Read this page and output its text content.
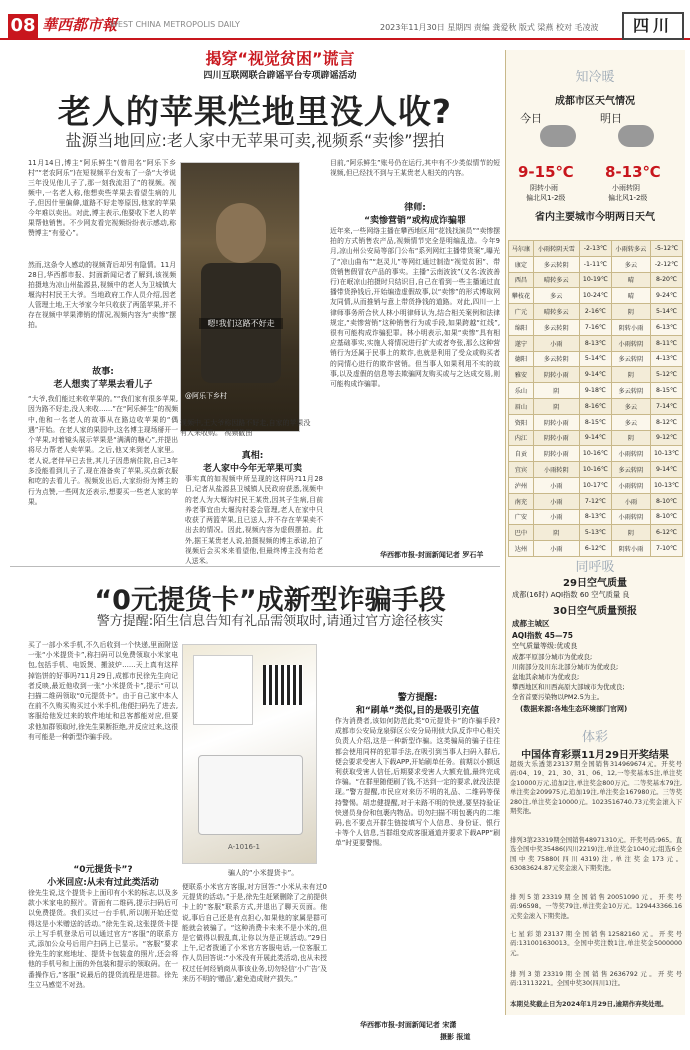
08 華西都市報
WEST CHINA METROPOLIS DAILY	2023年11月30日 星期四 责编 龚爱秋 版式 梁燕 校对 毛凌波	四川
揭穿“视觉贫困”谎言
四川互联网联合辟谣平台专项辟谣活动
老人的苹果烂地里没人收?
盐源当地回应:老人家中无苹果可卖,视频系“卖惨”摆拍
11月14日,博主“阿乐鲜生”(曾用名“阿乐下乡村”“老农阿乐”)在短视频平台发布了一条“大爷说三年没见他儿子了,那一刻我流泪了”的视频。视频中,一名老人称,他想卖些苹果去看望生病的儿子,但因什里偏僻,道路不好走等原因,他家的苹果今年难以卖出。对此,博主表示,他要收下老人的苹果帮他销售。不少网友看完视频纷纷表示感动,称赞博主“有爱心”。
然而,这条令人感动的视频背后却另有隐情。11月28日,华西都市报、封面新闻记者了解到,该视频拍摄地为凉山州盐源县,视频中的老人为卫城镇大堰沟村村民王大爷。当地政府工作人员介绍,因老人管理土地,王大爷家今年只收获了两篮苹果,并不存在视频中苹果滞销的情况,视频内容为“卖惨”摆拍。	嗯!我们这路不好走
@阿乐下乡村
视频中,王大爷称因路不好走,自家的苹果没有人来收购。 视频截图
故事:
老人想卖了苹果去看儿子
“大爷,我们能过来收苹果的。”“我们家有很多苹果,因为路不好走,没人来收……”在“阿乐鲜生”的视频中,他和一名老人的故事从在路边收苹果的“偶遇”开始。在老人家的果园中,这名博主现场掰开一个苹果,对着镜头展示苹果是“满满的糖心”,并提出将尽力帮老人卖苹果。之后,他又来到老人家里。老人说,老伴早已去世,其儿子因患病住院,自己3年多没能看到儿子了,现在准备卖了苹果,买点新衣服和吃的去看儿子。视频发出后,大家纷纷为博主的行为点赞,一些网友还表示,想要买一些老人家的苹果。
真相:
老人家中今年无苹果可卖
事实真的如视频中所呈现的这样吗?11月28日,记者从盐源县卫城镇人民政府获悉,视频中的老人为大堰沟村民王某贵,因其子生病,目前养老事宜由大堰沟村委会管理,老人在家中只收获了两篮苹果,且已送人,并不存在苹果卖不出去的情况。因此,视频内容为虚假摆拍。此外,据王某贵老人说,拍摄视频的博主承诺,拍了视频后会买米来看望他,但最终博主没有给老人送米。
目前,“阿乐鲜生”账号仍在运行,其中有不少类似情节的短视频,但已经找不到与王某贵老人相关的内容。
律师:
“卖惨营销”或构成诈骗罪
近年来,一些网络主播在攀西地区用“花钱找演员”“卖惨摆拍的方式销售农产品,视频情节完全是明编乱造。今年9月,凉山州公安局等部门公布“系列网红主播带货案”,曝光了“凉山曲布”“赵灵儿”等网红通过制造“视觉贫困”、带货销售假冒农产品的事实。主播“云南波波”(又名:波波善行)在岷凉山拍摄时只结识目,自己在看到一些主播通过直播带货挣钱后,开始编造虚假故事,以“卖惨”的形式博取网友同情,从而推销与意上带货挣钱的道路。对此,四川一上律师事务所合伙人林小明律师认为,结合相关案例和法律规定,“卖惨营销”这种销售行为或手段,如果跨越“红线”,很有可能构成诈骗犯罪。林小明表示,如果“卖惨”具有相应基础事实,实施人将情况进行扩大或者夸张,那么这种营销行为还属于民事上的欺诈,也就是利用了受众或购买者的同情心进行的欺诈营销。但当事人如果利用不实的故事,以及虚假的信息等去欺骗网友购买或与之达成交易,则可能构成诈骗罪。
华西都市报-封面新闻记者 罗石羊
“0元提货卡”成新型诈骗手段
警方提醒:陌生信息告知有礼品需领取时,请通过官方途径核实
买了一部小米手机,不久后收到一个快递,里面附送一张“小米提货卡”,称扫码可以免费领取小米家电包,包括手机、电饭煲、搬波炉……天上真有这样掉馅饼的好事吗?11月29日,成都市民徐先生向记者反映,最近他收到一张“小米提货卡”,提示“可以扫描二维码领取“0元提货卡”。由于自己家中本人在前不久购买购买过小米手机,他便扫码先了进去,客服给他发过来的软件地址和总客都能对应,但要求他加群领取时,徐先生果断拒绝,并反应过来,这很有可能是一种新型诈骗手段。
“0元提货卡”?
小米回应:从未有过此类活动
徐先生说,这个提货卡上面印有小米的标志,以及多款小米家电的照片。背面有二维码,提示扫码后可以免费提货。我们买过一台手机,所以刚开始还觉得这是小米赠送的活动。”徐先生说,这张提货卡提示上写手机登录后可以通过官方“客服”的联系方式,添加公众号后用户扫码上已显示。“客服”要求徐先生的家庭地址、提货卡包装盒的照片,还会将他的手机号和上面的外包装和提示的领取码。在一番操作后,“客服”说最后的提货流程是进群。徐先生立马感觉不对劲。
A-1016-1
骗人的“小米提货卡”。
便联系小米官方客服,对方回答:“小米从未有过0元提货的活动。”于是,徐先生赶紧删除了之前提供卡上的“客服”联系方式,并退出了聊天页面。他说,事后自己还是有点担心,如果他的家属是群可能就会被骗了。“这种消费卡未来不是小米的,但是它做得以假乱真,让你以为是正规活动。”29日上午,记者拨通了小米官方客服电话,一位客服工作人员回答说:“小米没有开展此类活动,也从未授权过任何经销商从事该业务,切勿轻信‘小广告’及来历不明的‘赠品’,避免造成财产损失。”
警方提醒:
和“刷单”类似,目的是吸引充值
作为消费者,该如何防范此类“0元提货卡”的诈骗手段?成都市公安局龙泉驿区公安分局刑侦大队反诈中心相关负责人介绍,这是一种新型诈骗。这类骗局的骗子往往都会使用同样的犯罪手法,在吸引到当事人扫码入群后,便会要求受害人下载APP,开始刷单任务。前期以小额返利获取受害人信任,后期要求受害人大额充值,最终完成诈骗。“在群里随便刷了钱,不达到一定的要求,就没法提现。”警方提醒,市民应对来历不明的礼品、二维码等保持警惕。胡忠健提醒,对于未路不明的快递,要坚持验证快递员身份和包裹内物品。切勿扫描不明包裹内的二维码,也不要点开群生链接填写个人信息、身份证、银行卡等个人信息,当群组变成客服通道并要求下载APP“刷单”时更要警惕。
华西都市报-封面新闻记者 宋潇
摄影 报道
知冷暖
成都市区天气情况
今日
9-15℃
阴转小雨
偏北风1-2级
明日
8-13℃
小雨转阴
偏北风1-2级
省内主要城市今明两日天气
马尔康	小雨转阴天雪	-2-13℃	小雨转多云	-5-12℃
康定	多云转阴	-1-11℃	多云	-2-12℃
西昌	晴转多云	10-19℃	晴	8-20℃
攀枝花	多云	10-24℃	晴	9-24℃
广元	晴转多云	2-16℃	阴	5-14℃
绵阳	多云转阴	7-16℃	阴转小雨	6-13℃
遂宁	小雨	8-13℃	小雨转阴	8-11℃
德阳	多云转阴	5-14℃	多云转阴	4-13℃
雅安	阴转小雨	9-14℃	阴	5-12℃
乐山	阴	9-18℃	多云转阴	8-15℃
眉山	阴	8-16℃	多云	7-14℃
资阳	阴转小雨	8-15℃	多云	8-12℃
内江	阴转小雨	9-14℃	阴	9-12℃
自贡	阴转小雨	10-16℃	小雨转阴	10-13℃
宜宾	小雨转阴	10-16℃	多云转阴	9-14℃
泸州	小雨	10-17℃	小雨转阴	10-13℃
南充	小雨	7-12℃	小雨	8-10℃
广安	小雨	8-13℃	小雨转阴	8-10℃
巴中	阴	5-13℃	阴	6-12℃
达州	小雨	6-12℃	阴转小雨	7-10℃
同呼吸
29日空气质量
成都(16时) AQI指数 60 空气质量 良
30日空气质量预报
成都主城区
AQI指数 45—75
空气质量等级:优或良
成都平原部分城市为优或良;
川南部分及川东北部分城市为优或良;
盆地其余城市为优或良;
攀西地区和川西高原大部城市为优或良;
全省首要污染物以PM2.5为主。
(数据来源:各地生态环境部门官网)
体彩
中国体育彩票11月29日开奖结果
超级大乐透第23137期全国销售314969674元。开奖号码:04、19、21、30、31、06、12,一等奖基本5注,单注奖金10000万元,追加2注,单注奖金800万元。二等奖基本79注,单注奖金209975元,追加19注,单注奖金167980元。三等奖280注,单注奖金10000元。1023516740.73元奖金滚入下期奖池。
排列3第23319期全国销售48971310元。开奖号码:965。直选全国中奖35486(四川2219)注,单注奖金1040元;组选6全国中奖75880(四川4319)注,单注奖金173元。63083624.87元奖金滚入下期奖池。
排列5第23319期全国销售20051090元。开奖号码:96598。一等奖79注,单注奖金10万元。129443366.16元奖金滚入下期奖池。
七星彩第23137期全国销售12582160元。开奖号码:131001630013。全国中奖注数1注,单注奖金5000000元。
排列3第23319期全国销售2636792元。开奖号码:13113221。全国中奖30(四川1)注。
本期兑奖截止日为2024年1月29日,逾期作弃奖处理。
